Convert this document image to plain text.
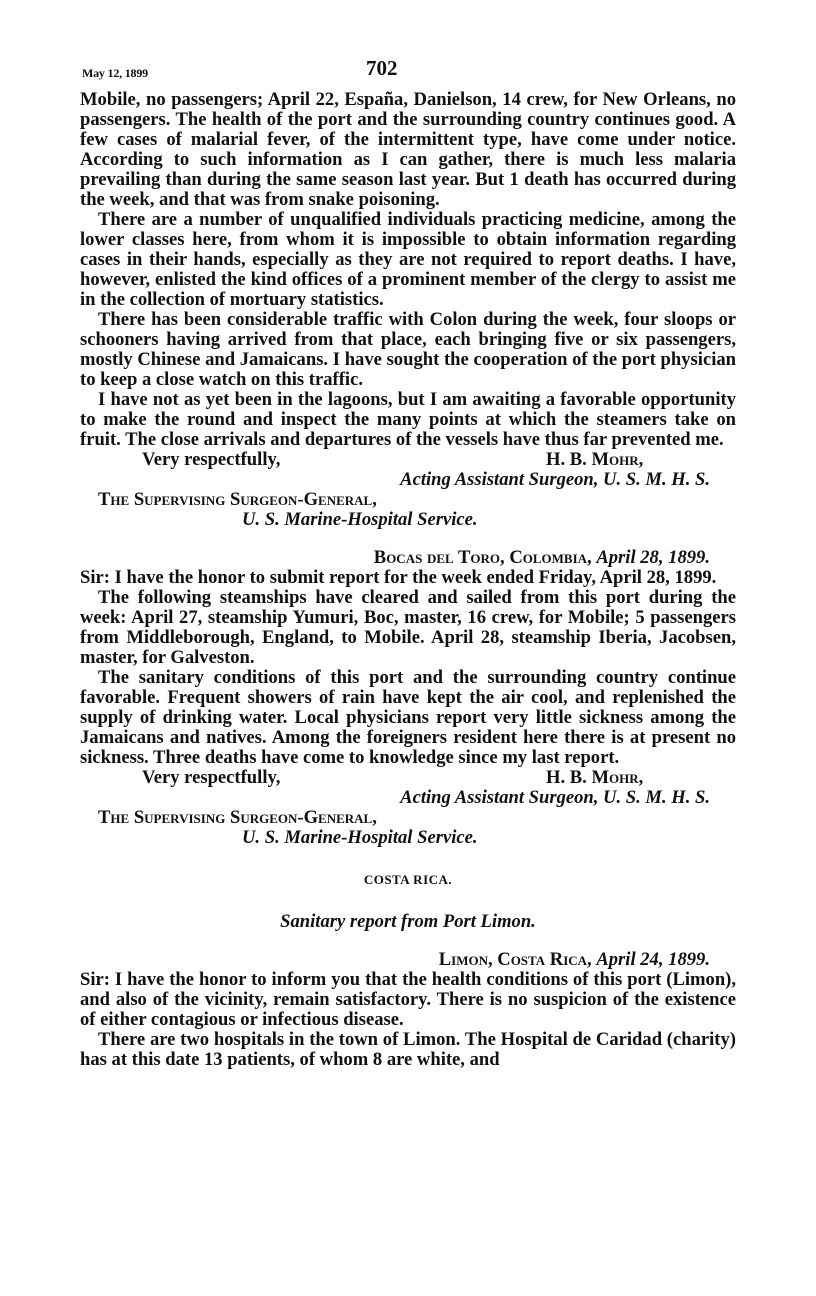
May 12, 1899	702

Mobile, no passengers; April 22, España, Danielson, 14 crew, for New Orleans, no passengers. The health of the port and the surrounding country continues good. A few cases of malarial fever, of the intermittent type, have come under notice. According to such information as I can gather, there is much less malaria prevailing than during the same season last year. But 1 death has occurred during the week, and that was from snake poisoning.

There are a number of unqualified individuals practicing medicine, among the lower classes here, from whom it is impossible to obtain information regarding cases in their hands, especially as they are not required to report deaths. I have, however, enlisted the kind offices of a prominent member of the clergy to assist me in the collection of mortuary statistics.

There has been considerable traffic with Colon during the week, four sloops or schooners having arrived from that place, each bringing five or six passengers, mostly Chinese and Jamaicans. I have sought the cooperation of the port physician to keep a close watch on this traffic.

I have not as yet been in the lagoons, but I am awaiting a favorable opportunity to make the round and inspect the many points at which the steamers take on fruit. The close arrivals and departures of the vessels have thus far prevented me.

Very respectfully,	H. B. Mohr,
Acting Assistant Surgeon, U. S. M. H. S.
The Supervising Surgeon-General,
U. S. Marine-Hospital Service.
Bocas del Toro, Colombia, April 28, 1899.

Sir: I have the honor to submit report for the week ended Friday, April 28, 1899.

The following steamships have cleared and sailed from this port during the week: April 27, steamship Yumuri, Boc, master, 16 crew, for Mobile; 5 passengers from Middleborough, England, to Mobile. April 28, steamship Iberia, Jacobsen, master, for Galveston.

The sanitary conditions of this port and the surrounding country continue favorable. Frequent showers of rain have kept the air cool, and replenished the supply of drinking water. Local physicians report very little sickness among the Jamaicans and natives. Among the foreigners resident here there is at present no sickness. Three deaths have come to knowledge since my last report.

Very respectfully,	H. B. Mohr,
Acting Assistant Surgeon, U. S. M. H. S.
The Supervising Surgeon-General,
U. S. Marine-Hospital Service.
COSTA RICA.
Sanitary report from Port Limon.
Limon, Costa Rica, April 24, 1899.

Sir: I have the honor to inform you that the health conditions of this port (Limon), and also of the vicinity, remain satisfactory. There is no suspicion of the existence of either contagious or infectious disease.

There are two hospitals in the town of Limon. The Hospital de Caridad (charity) has at this date 13 patients, of whom 8 are white, and
